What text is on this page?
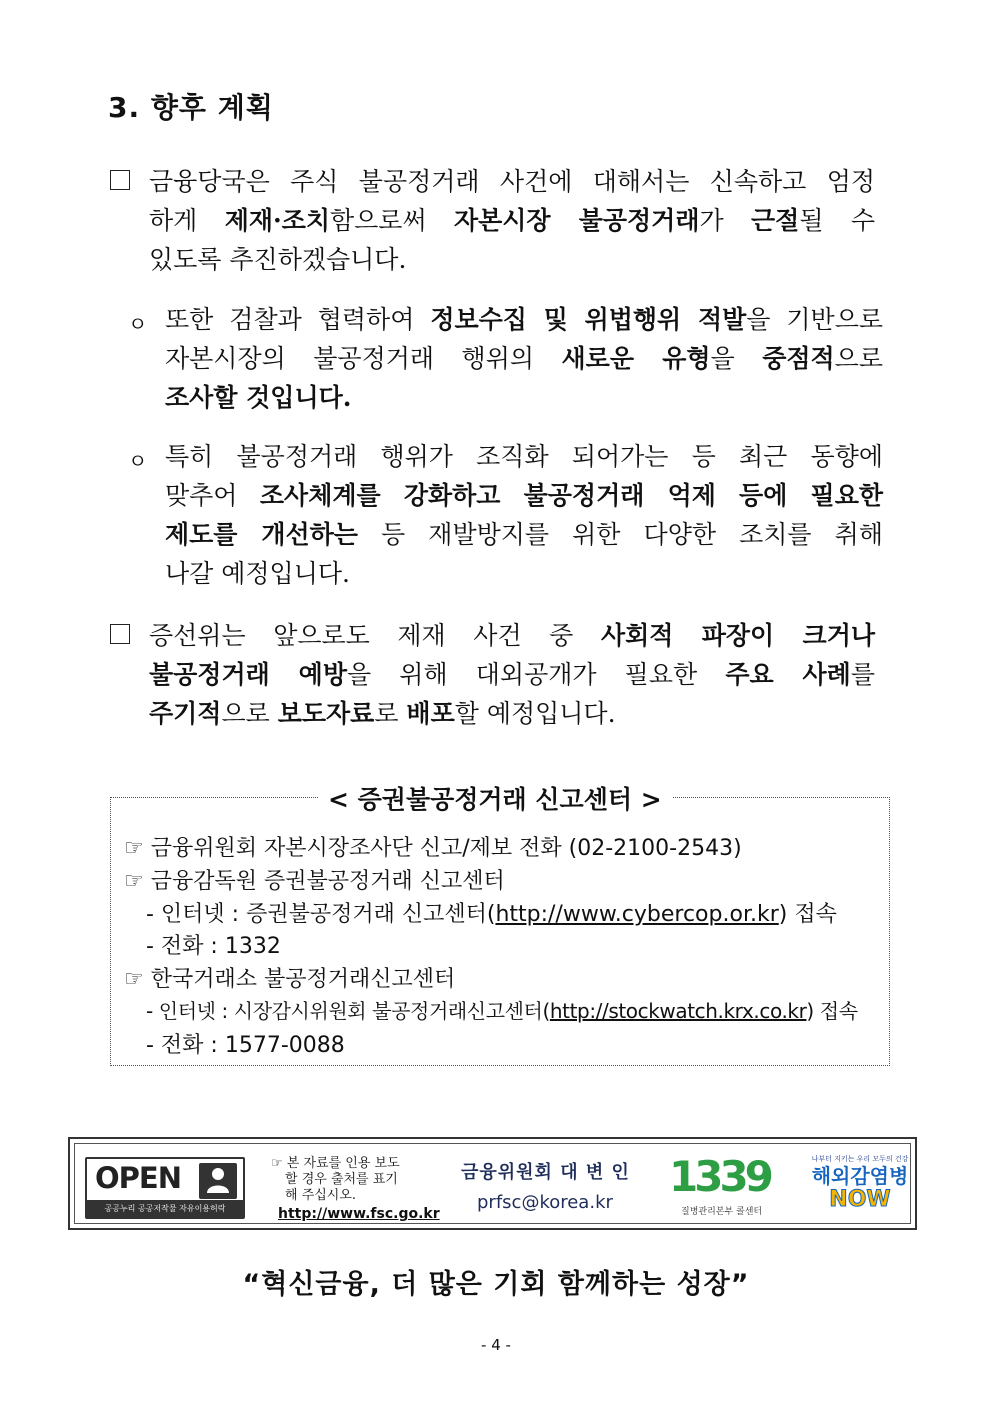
3. 향후 계획
금융당국은 주식 불공정거래 사건에 대해서는 신속하고 엄정
하게 제재·조치함으로써 자본시장 불공정거래가 근절될 수
있도록 추진하겠습니다.
ㅇ 또한 검찰과 협력하여 정보수집 및 위법행위 적발을 기반으로
자본시장의 불공정거래 행위의 새로운 유형을 중점적으로
조사할 것입니다.
ㅇ 특히 불공정거래 행위가 조직화 되어가는 등 최근 동향에
맞추어 조사체계를 강화하고 불공정거래 억제 등에 필요한
제도를 개선하는 등 재발방지를 위한 다양한 조치를 취해
나갈 예정입니다.
증선위는 앞으로도 제재 사건 중 사회적 파장이 크거나
불공정거래 예방을 위해 대외공개가 필요한 주요 사례를
주기적으로 보도자료로 배포할 예정입니다.
< 증권불공정거래 신고센터 >
☞ 금융위원회 자본시장조사단 신고/제보 전화 (02-2100-2543)
☞ 금융감독원 증권불공정거래 신고센터
- 인터넷 : 증권불공정거래 신고센터(http://www.cybercop.or.kr) 접속
- 전화 : 1332
☞ 한국거래소 불공정거래신고센터
- 인터넷 : 시장감시위원회 불공정거래신고센터(http://stockwatch.krx.co.kr) 접속
- 전화 : 1577-0088
OPEN
공공누리 공공저작물 자유이용허락
☞ 본 자료를 인용 보도
할 경우 출처를 표기
해 주십시오.
http://www.fsc.go.kr
금융위원회 대 변 인
prfsc@korea.kr
1339
질병관리본부 콜센터
나부터 지키는 우리 모두의 건강
해외감염병
NOW
“혁신금융, 더 많은 기회 함께하는 성장”
- 4 -
